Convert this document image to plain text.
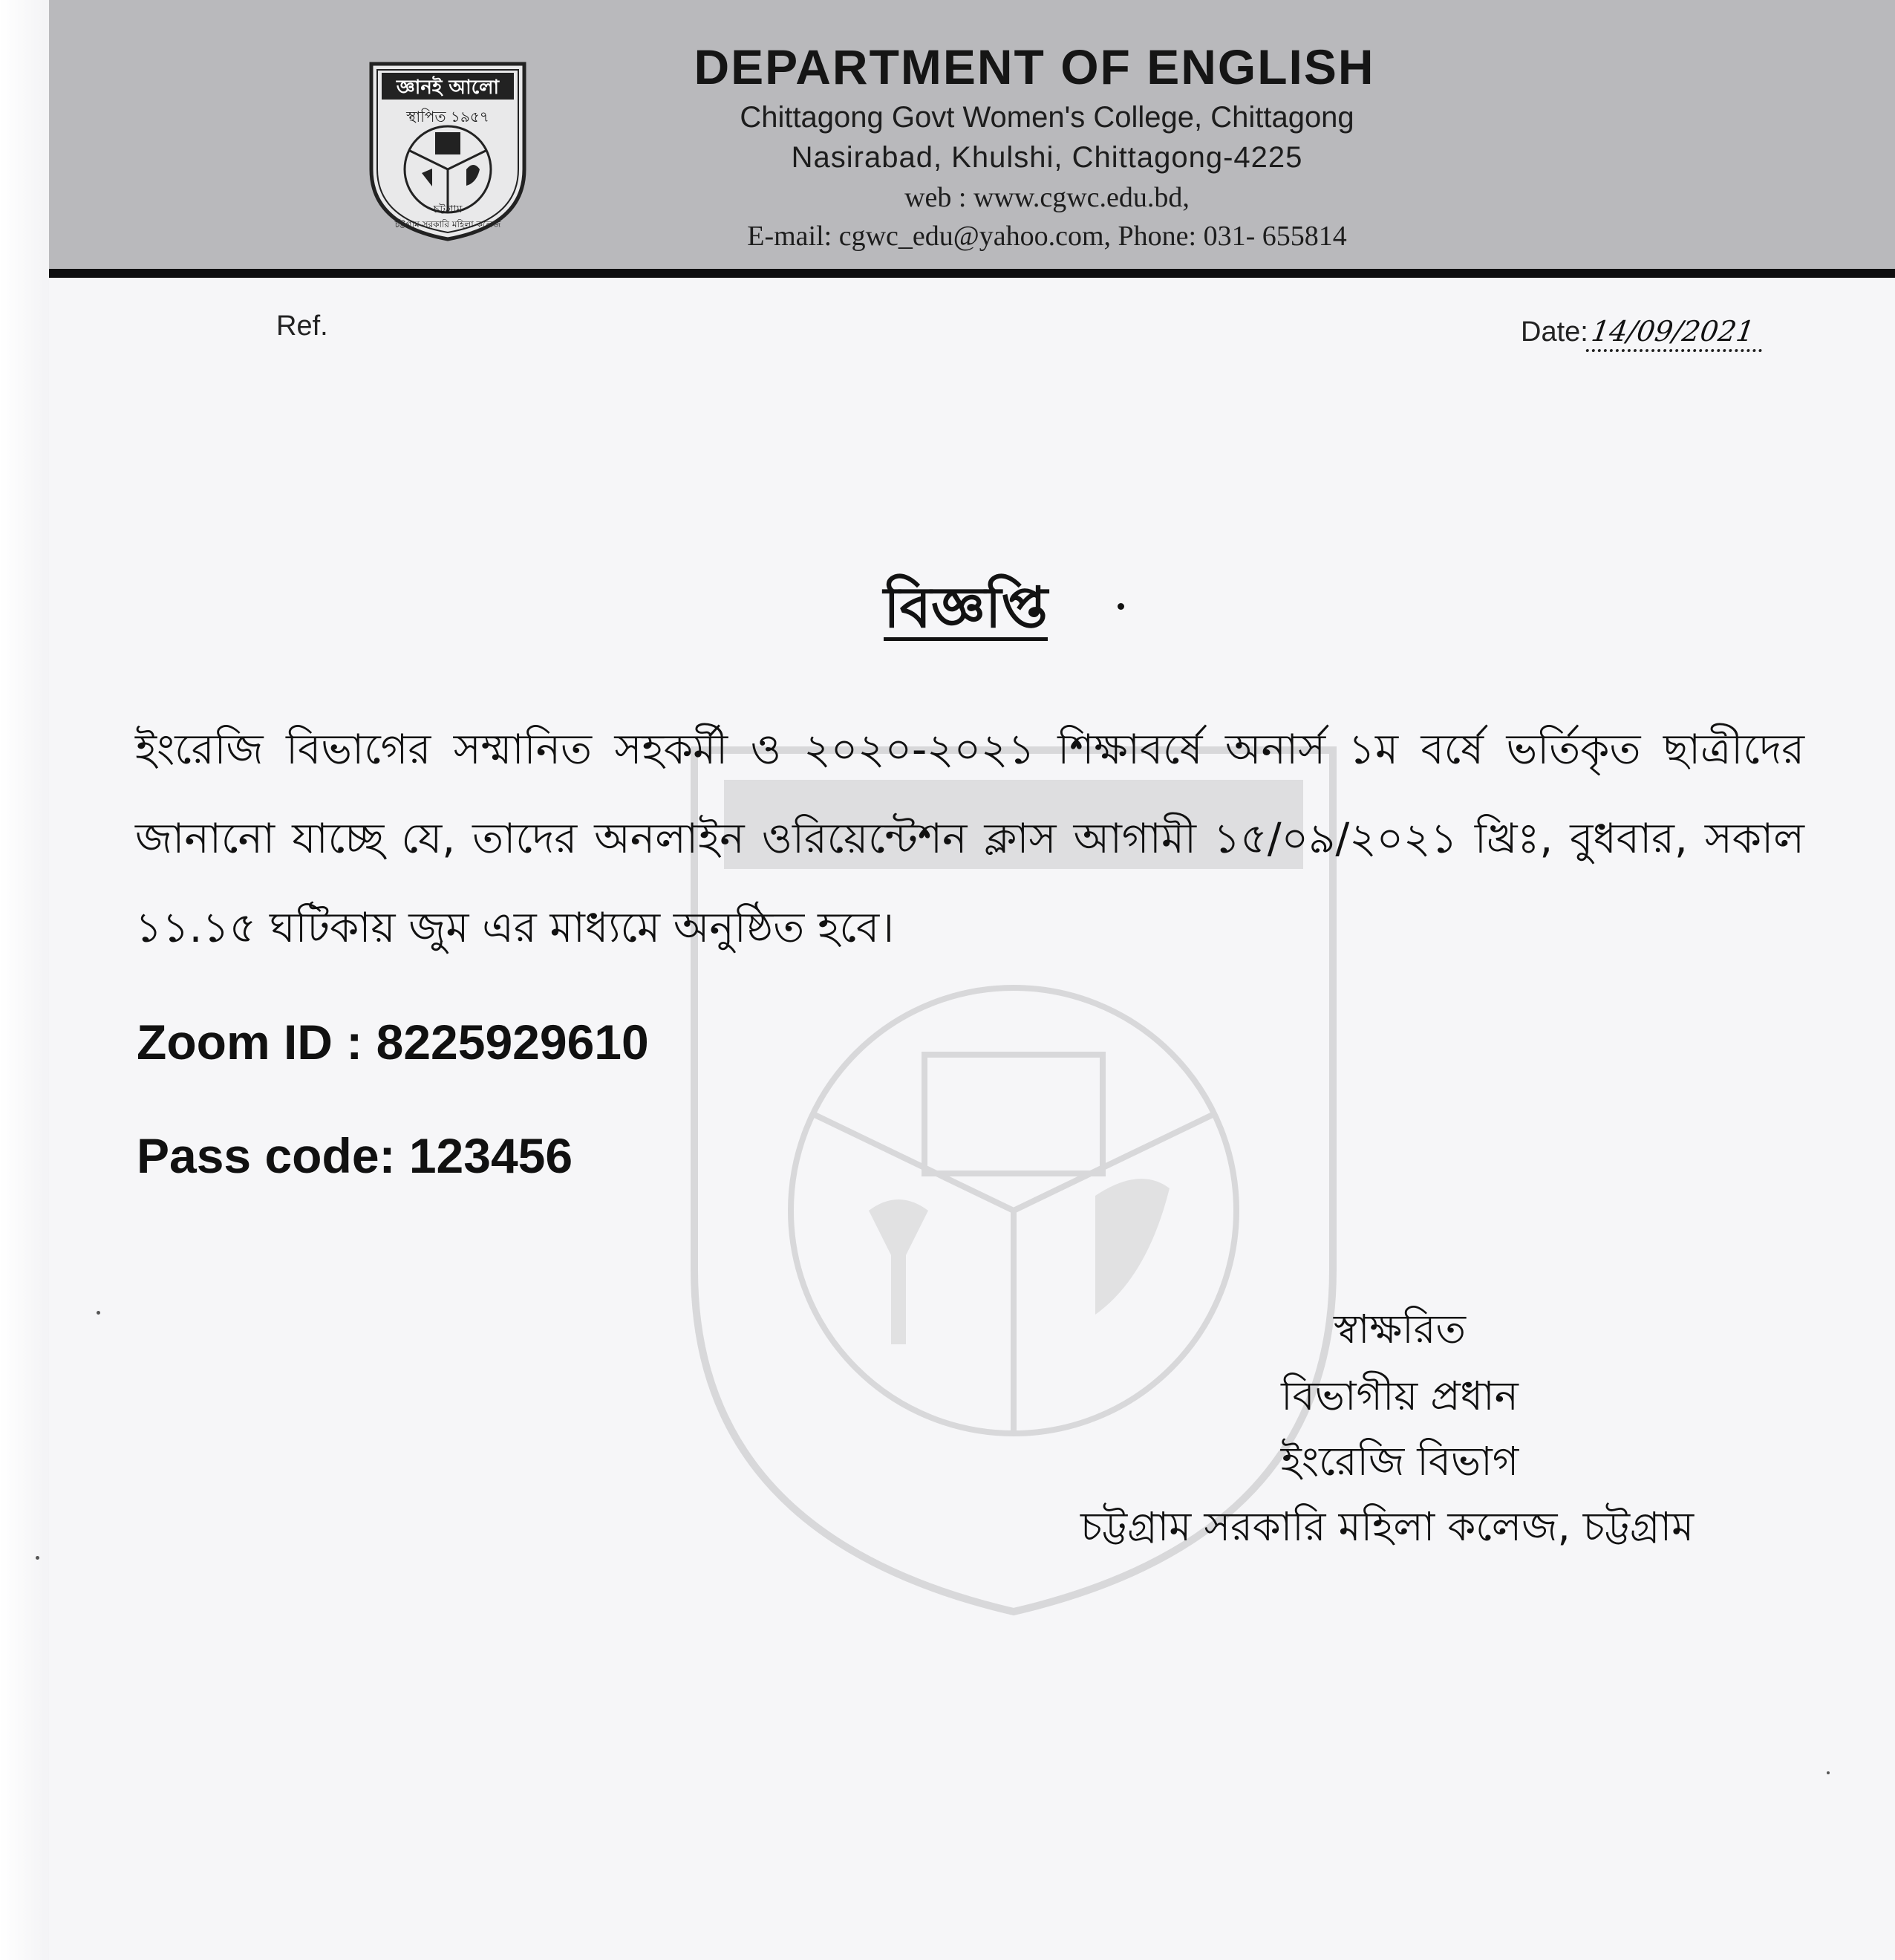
জ্ঞানই আলো
স্থাপিত ১৯৫৭
চট্টগ্রাম
চট্টগ্রাম সরকারি মহিলা কলেজ
DEPARTMENT OF ENGLISH

Chittagong Govt Women's College, Chittagong

Nasirabad, Khulshi, Chittagong-4225

web : www.cgwc.edu.bd,

E-mail: cgwc_edu@yahoo.com, Phone: 031- 655814

Ref.	Date:14/09/2021

বিজ্ঞপ্তি

ইংরেজি বিভাগের সম্মানিত সহকর্মী ও ২০২০-২০২১ শিক্ষাবর্ষে অনার্স ১ম বর্ষে ভর্তিকৃত ছাত্রীদের জানানো যাচ্ছে যে, তাদের অনলাইন ওরিয়েন্টেশন ক্লাস আগামী ১৫/০৯/২০২১ খ্রিঃ, বুধবার, সকাল ১১.১৫ ঘটিকায় জুম এর মাধ্যমে অনুষ্ঠিত হবে।

Zoom ID : 8225929610

Pass code: 123456

স্বাক্ষরিত

বিভাগীয় প্রধান

ইংরেজি বিভাগ

চট্টগ্রাম সরকারি মহিলা কলেজ, চট্টগ্রাম
